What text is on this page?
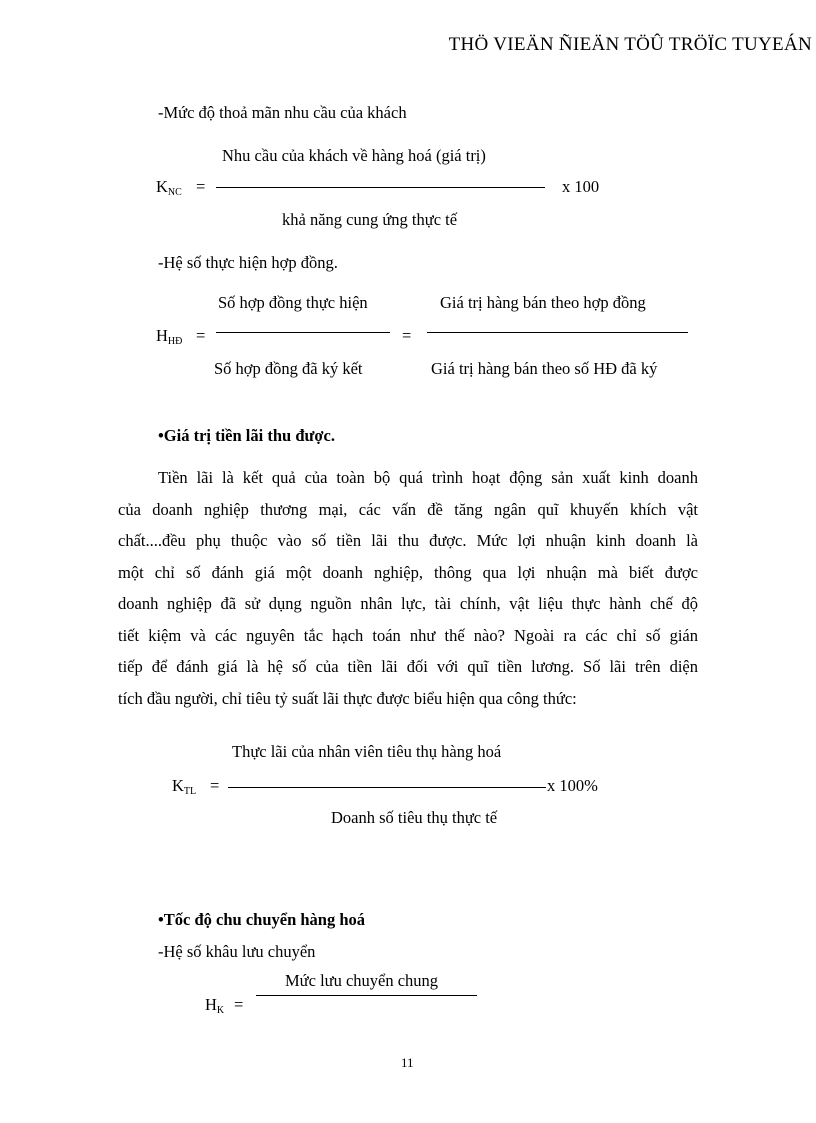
THÖ VIEÄN ÑIEÄN TÖÛ TRÖÏC TUYEÁN
-Mức độ thoả mãn nhu cầu của khách
Nhu cầu của khách về hàng hoá (giá trị)
$K_{NC}$ =	x 100
khả năng cung ứng thực tế
-Hệ số thực hiện hợp đồng.
Số hợp đồng thực hiện	Giá trị hàng bán theo hợp đồng
$H_{HĐ}$ =	=
Số hợp đồng đã ký kết	Giá trị hàng bán theo số HĐ đã ký
•Giá trị tiền lãi thu được.

Tiền lãi là kết quả của toàn bộ quá trình hoạt động sản xuất kinh doanh

của doanh nghiệp thương mại, các vấn đề tăng ngân quĩ khuyến khích vật

chất....đều phụ thuộc vào số tiền lãi thu được. Mức lợi nhuận kinh doanh là

một chỉ số đánh giá một doanh nghiệp, thông qua lợi nhuận mà biết được

doanh nghiệp đã sử dụng nguồn nhân lực, tài chính, vật liệu thực hành chế độ

tiết kiệm và các nguyên tắc hạch toán như thế nào? Ngoài ra các chỉ số gián

tiếp để đánh giá là hệ số của tiền lãi đối với quĩ tiền lương. Số lãi trên diện

tích đầu người, chỉ tiêu tỷ suất lãi thực được biểu hiện qua công thức:

Thực lãi của nhân viên tiêu thụ hàng hoá
$K_{TL}$ =	x 100%
Doanh số tiêu thụ thực tế
•Tốc độ chu chuyển hàng hoá
-Hệ số khâu lưu chuyển
Mức lưu chuyển chung
$H_K$ =
11
